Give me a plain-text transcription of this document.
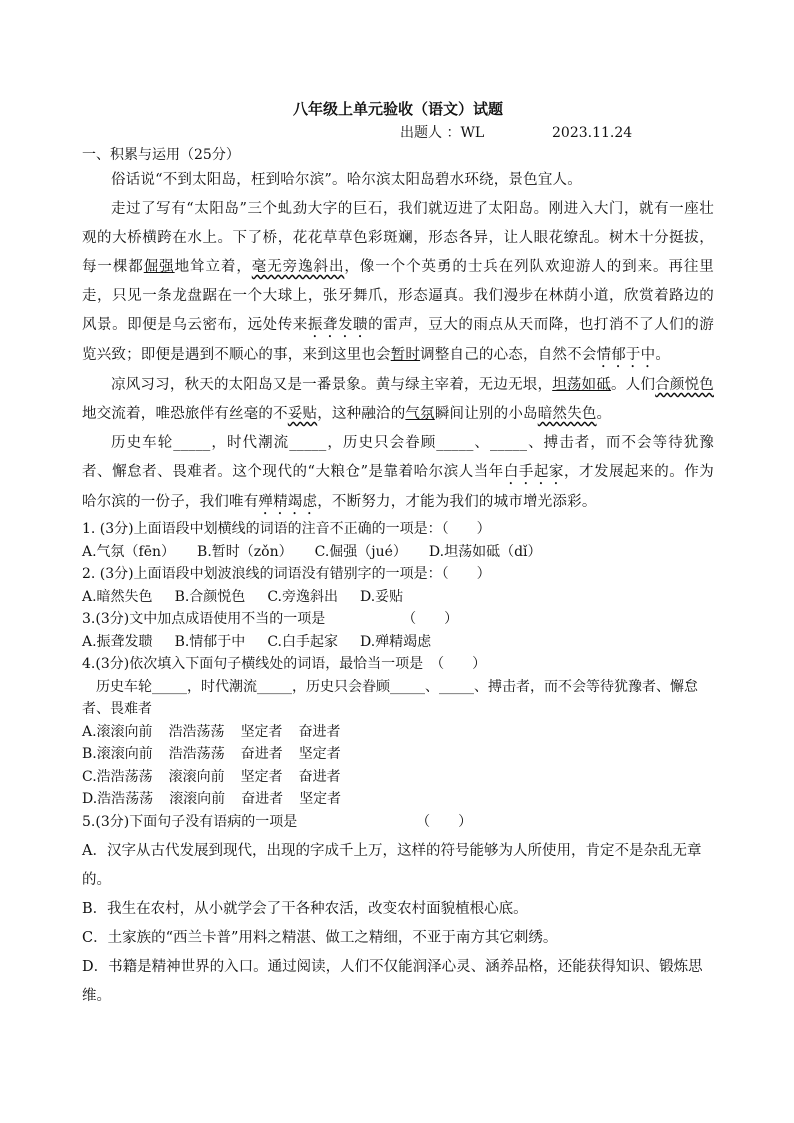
八年级上单元验收（语文）试题
出题人 ：WL	2023.11.24
一、积累与运用（25分）

俗话说“不到太阳岛，枉到哈尔滨”。哈尔滨太阳岛碧水环绕，景色宜人。

走过了写有“太阳岛”三个虬劲大字的巨石，我们就迈进了太阳岛。刚进入大门，就有一座壮观的大桥横跨在水上。下了桥，花花草草色彩斑斓，形态各异，让人眼花缭乱。树木十分挺拔，每一棵都倔强地耸立着，毫无旁逸斜出，像一个个英勇的士兵在列队欢迎游人的到来。再往里走，只见一条龙盘踞在一个大球上，张牙舞爪，形态逼真。我们漫步在林荫小道，欣赏着路边的风景。即便是乌云密布，远处传来振聋发聩的雷声，豆大的雨点从天而降，也打消不了人们的游览兴致；即便是遇到不顺心的事，来到这里也会暂时调整自己的心态，自然不会情郁于中。

凉风习习，秋天的太阳岛又是一番景象。黄与绿主宰着，无边无垠，坦荡如砥。人们合颜悦色地交流着，唯恐旅伴有丝毫的不妥贴，这种融洽的气氛瞬间让别的小岛暗然失色。

历史车轮_____，时代潮流_____，历史只会眷顾_____、_____、搏击者，而不会等待犹豫者、懈怠者、畏难者。这个现代的“大粮仓”是靠着哈尔滨人当年白手起家，才发展起来的。作为哈尔滨的一份子，我们唯有殚精竭虑，不断努力，才能为我们的城市增光添彩。

1. (3分)上面语段中划横线的词语的注音不正确的一项是：（　　）

A.气氛（fēn） B.暂时（zǒn） C.倔强（jué） D.坦荡如砥（dǐ）

2. (3分)上面语段中划波浪线的词语没有错别字的一项是：（　　）

A.暗然失色 B.合颜悦色 C.旁逸斜出 D.妥贴

3.(3分)文中加点成语使用不当的一项是　　　　　　（　　）

A.振聋发聩 B.情郁于中 C.白手起家 D.殚精竭虑

4.(3分)依次填入下面句子横线处的词语，最恰当一项是　（　　）

历史车轮_____，时代潮流_____，历史只会眷顾_____、_____、搏击者，而不会等待犹豫者、懈怠者、畏难者

A.滚滚向前 浩浩荡荡 坚定者 奋进者

B.滚滚向前 浩浩荡荡 奋进者 坚定者

C.浩浩荡荡 滚滚向前 坚定者 奋进者

D.浩浩荡荡 滚滚向前 奋进者 坚定者

5.(3分)下面句子没有语病的一项是　　　　　　　　　（　　）

A．汉字从古代发展到现代，出现的字成千上万，这样的符号能够为人所使用，肯定不是杂乱无章的。

B．我生在农村，从小就学会了干各种农活，改变农村面貌植根心底。

C．土家族的“西兰卡普”用料之精湛、做工之精细，不亚于南方其它刺绣。

D．书籍是精神世界的入口。通过阅读，人们不仅能润泽心灵、涵养品格，还能获得知识、锻炼思维。
